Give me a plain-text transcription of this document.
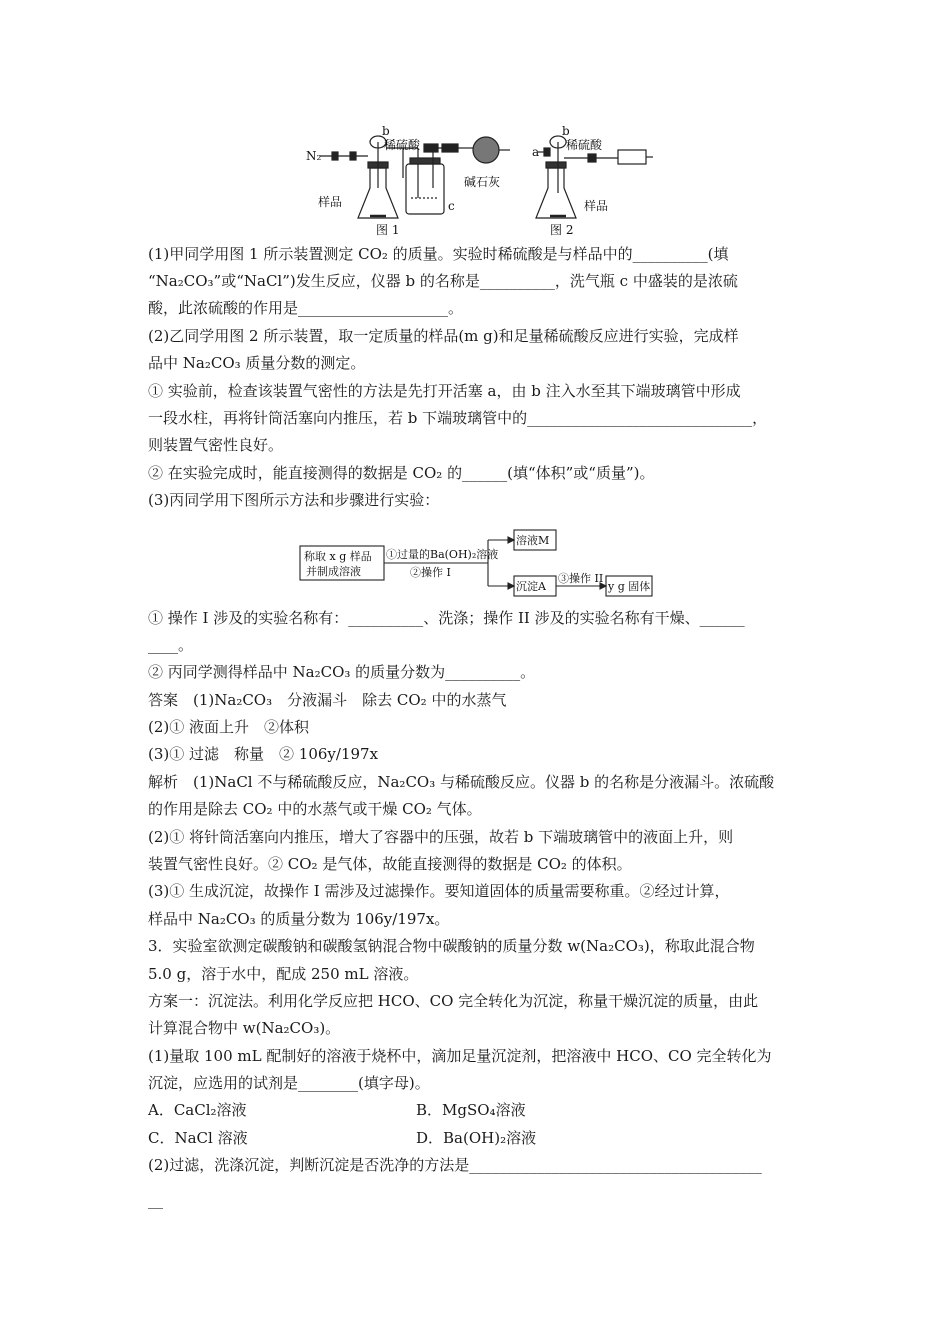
N₂
b
稀硫酸
碱石灰
样品	c
图 1
a
b
稀硫酸
样品
图 2
(1)甲同学用图 1 所示装置测定 CO₂ 的质量。实验时稀硫酸是与样品中的__________(填
“Na₂CO₃”或“NaCl”)发生反应，仪器 b 的名称是__________，洗气瓶 c 中盛装的是浓硫
酸，此浓硫酸的作用是____________________。
(2)乙同学用图 2 所示装置，取一定质量的样品(m g)和足量稀硫酸反应进行实验，完成样
品中 Na₂CO₃ 质量分数的测定。
① 实验前，检查该装置气密性的方法是先打开活塞 a，由 b 注入水至其下端玻璃管中形成
一段水柱，再将针筒活塞向内推压，若 b 下端玻璃管中的______________________________，
则装置气密性良好。
② 在实验完成时，能直接测得的数据是 CO₂ 的______(填“体积”或“质量”)。
(3)丙同学用下图所示方法和步骤进行实验：
称取 x g 样品
并制成溶液
①过量的Ba(OH)₂溶液
②操作 I
溶液M
沉淀A
③操作 II
y g 固体
① 操作 I 涉及的实验名称有：__________、洗涤；操作 II 涉及的实验名称有干燥、______
____。
② 丙同学测得样品中 Na₂CO₃ 的质量分数为__________。
答案　(1)Na₂CO₃　分液漏斗　除去 CO₂ 中的水蒸气
(2)① 液面上升　②体积
(3)① 过滤　称量　② 106y/197x
解析　(1)NaCl 不与稀硫酸反应，Na₂CO₃ 与稀硫酸反应。仪器 b 的名称是分液漏斗。浓硫酸
的作用是除去 CO₂ 中的水蒸气或干燥 CO₂ 气体。
(2)① 将针筒活塞向内推压，增大了容器中的压强，故若 b 下端玻璃管中的液面上升，则
装置气密性良好。② CO₂ 是气体，故能直接测得的数据是 CO₂ 的体积。
(3)① 生成沉淀，故操作 I 需涉及过滤操作。要知道固体的质量需要称重。②经过计算，
样品中 Na₂CO₃ 的质量分数为 106y/197x。
3．实验室欲测定碳酸钠和碳酸氢钠混合物中碳酸钠的质量分数 w(Na₂CO₃)，称取此混合物
5.0 g，溶于水中，配成 250 mL 溶液。
方案一：沉淀法。利用化学反应把 HCO、CO 完全转化为沉淀，称量干燥沉淀的质量，由此
计算混合物中 w(Na₂CO₃)。
(1)量取 100 mL 配制好的溶液于烧杯中，滴加足量沉淀剂，把溶液中 HCO、CO 完全转化为
沉淀，应选用的试剂是________(填字母)。
A．CaCl₂溶液	B．MgSO₄溶液
C．NaCl 溶液	D．Ba(OH)₂溶液
(2)过滤，洗涤沉淀，判断沉淀是否洗净的方法是_______________________________________
__
